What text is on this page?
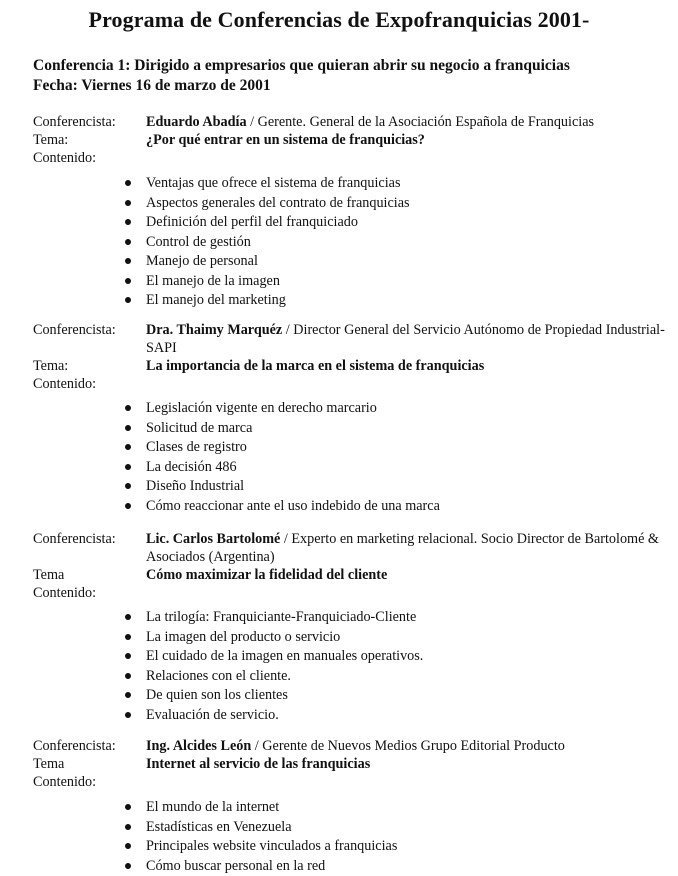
Programa de Conferencias de Expofranquicias 2001-
Conferencia 1: Dirigido a empresarios que quieran abrir su negocio a franquicias
Fecha: Viernes 16 de marzo de 2001
Conferencista:	Eduardo Abadía / Gerente. General de la Asociación Española de Franquicias
Tema:	¿Por qué entrar en un sistema de franquicias?
Contenido:
Ventajas que ofrece el sistema de franquicias
Aspectos generales del contrato de franquicias
Definición del perfil del franquiciado
Control de gestión
Manejo de personal
El manejo de la imagen
El manejo del marketing
Conferencista:	Dra. Thaimy Marquéz / Director General del Servicio Autónomo de Propiedad Industrial-SAPI
Tema:	La importancia de la marca en el sistema de franquicias
Contenido:
Legislación vigente en derecho marcario
Solicitud de marca
Clases de registro
La decisión 486
Diseño Industrial
Cómo reaccionar ante el uso indebido de una marca
Conferencista:	Lic. Carlos Bartolomé / Experto en marketing relacional. Socio Director de Bartolomé & Asociados (Argentina)
Tema	Cómo maximizar la fidelidad del cliente
Contenido:
La trilogía: Franquiciante-Franquiciado-Cliente
La imagen del producto o servicio
El cuidado de la imagen en manuales operativos.
Relaciones con el cliente.
De quien son los clientes
Evaluación de servicio.
Conferencista:	Ing. Alcides León / Gerente de Nuevos Medios Grupo Editorial Producto
Tema	Internet al servicio de las franquicias
Contenido:
El mundo de la internet
Estadísticas en Venezuela
Principales website vinculados a franquicias
Cómo buscar personal en la red
